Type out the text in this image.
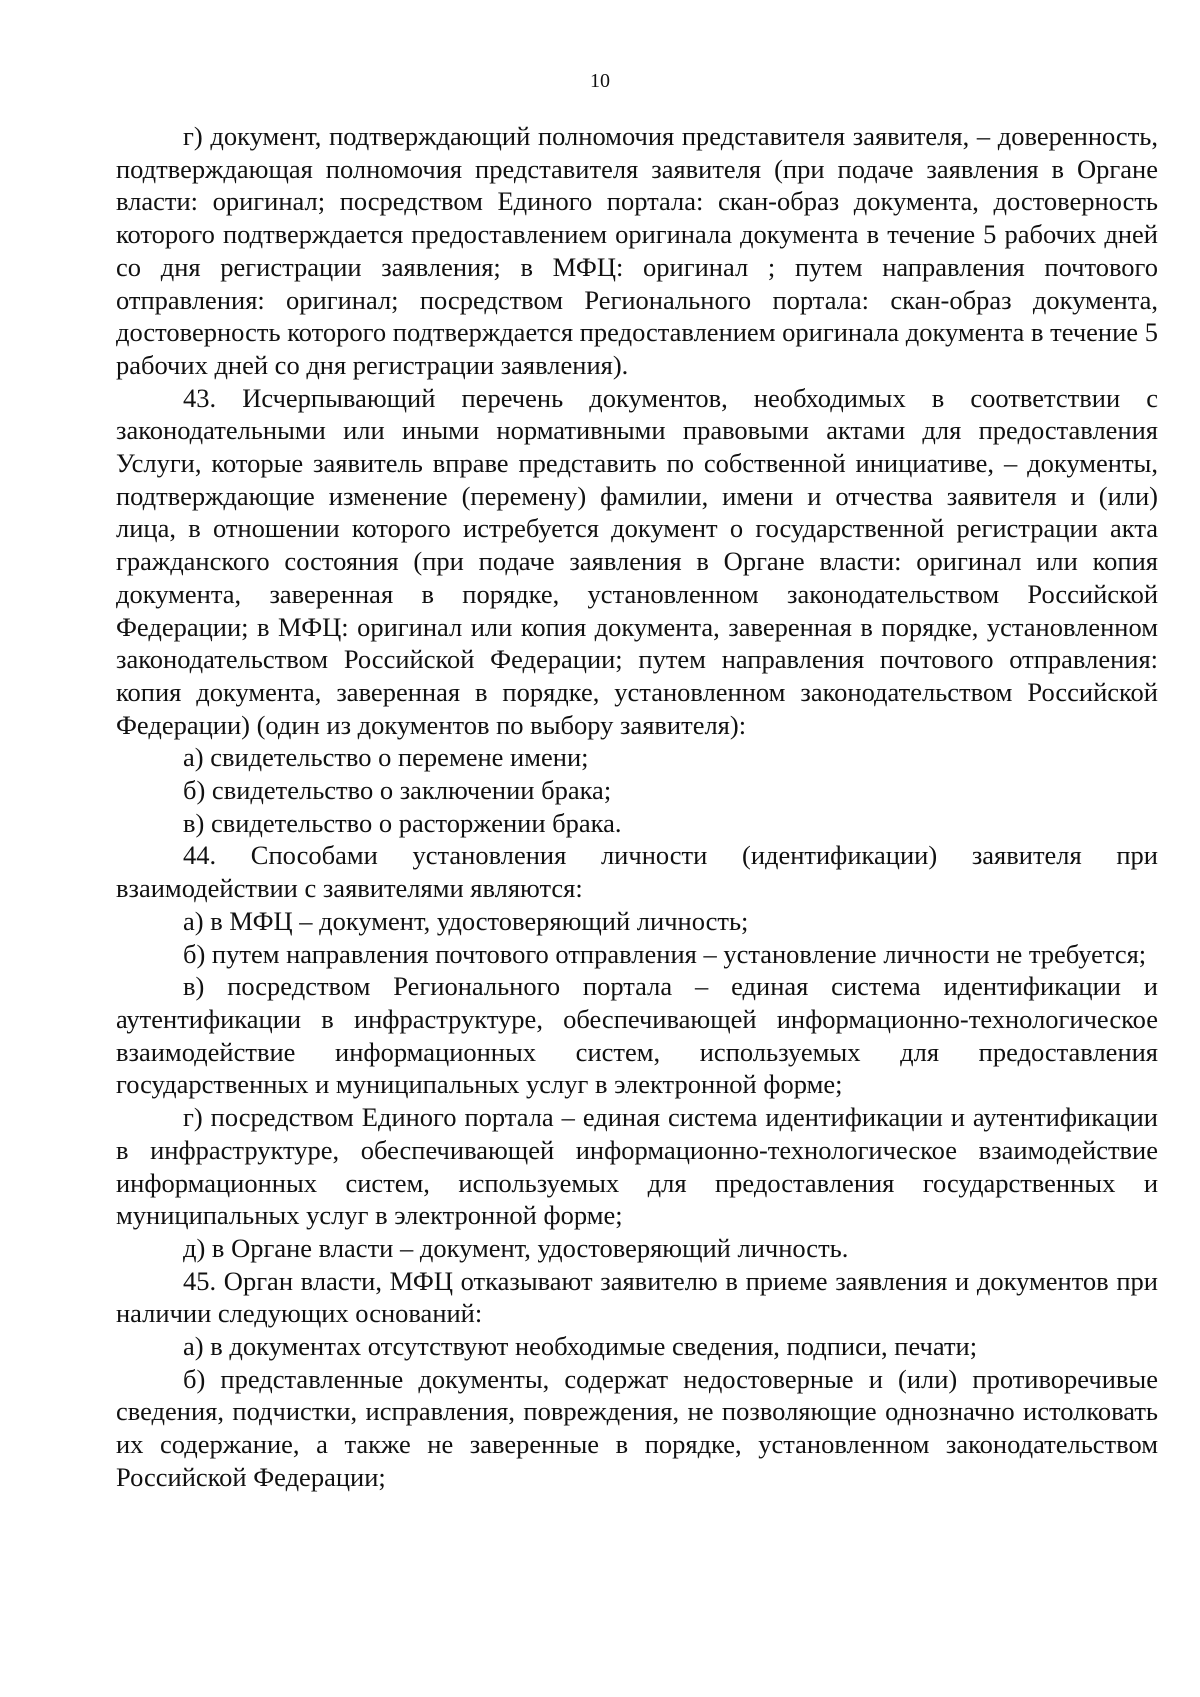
10

г) документ, подтверждающий полномочия представителя заявителя, – доверенность, подтверждающая полномочия представителя заявителя (при подаче заявления в Органе власти: оригинал; посредством Единого портала: скан-образ документа, достоверность которого подтверждается предоставлением оригинала документа в течение 5 рабочих дней со дня регистрации заявления; в МФЦ: оригинал ; путем направления почтового отправления: оригинал; посредством Регионального портала: скан-образ документа, достоверность которого подтверждается предоставлением оригинала документа в течение 5 рабочих дней со дня регистрации заявления).

43. Исчерпывающий перечень документов, необходимых в соответствии с законодательными или иными нормативными правовыми актами для предоставления Услуги, которые заявитель вправе представить по собственной инициативе, – документы, подтверждающие изменение (перемену) фамилии, имени и отчества заявителя и (или) лица, в отношении которого истребуется документ о государственной регистрации акта гражданского состояния (при подаче заявления в Органе власти: оригинал или копия документа, заверенная в порядке, установленном законодательством Российской Федерации; в МФЦ: оригинал или копия документа, заверенная в порядке, установленном законодательством Российской Федерации; путем направления почтового отправления: копия документа, заверенная в порядке, установленном законодательством Российской Федерации) (один из документов по выбору заявителя):

а) свидетельство о перемене имени;

б) свидетельство о заключении брака;

в) свидетельство о расторжении брака.

44. Способами установления личности (идентификации) заявителя при взаимодействии с заявителями являются:

а) в МФЦ – документ, удостоверяющий личность;

б) путем направления почтового отправления – установление личности не требуется;

в) посредством Регионального портала – единая система идентификации и аутентификации в инфраструктуре, обеспечивающей информационно-технологическое взаимодействие информационных систем, используемых для предоставления государственных и муниципальных услуг в электронной форме;

г) посредством Единого портала – единая система идентификации и аутентификации в инфраструктуре, обеспечивающей информационно-технологическое взаимодействие информационных систем, используемых для предоставления государственных и муниципальных услуг в электронной форме;

д) в Органе власти – документ, удостоверяющий личность.

45. Орган власти, МФЦ отказывают заявителю в приеме заявления и документов при наличии следующих оснований:

а) в документах отсутствуют необходимые сведения, подписи, печати;

б) представленные документы, содержат недостоверные и (или) противоречивые сведения, подчистки, исправления, повреждения, не позволяющие однозначно истолковать их содержание, а также не заверенные в порядке, установленном законодательством Российской Федерации;
